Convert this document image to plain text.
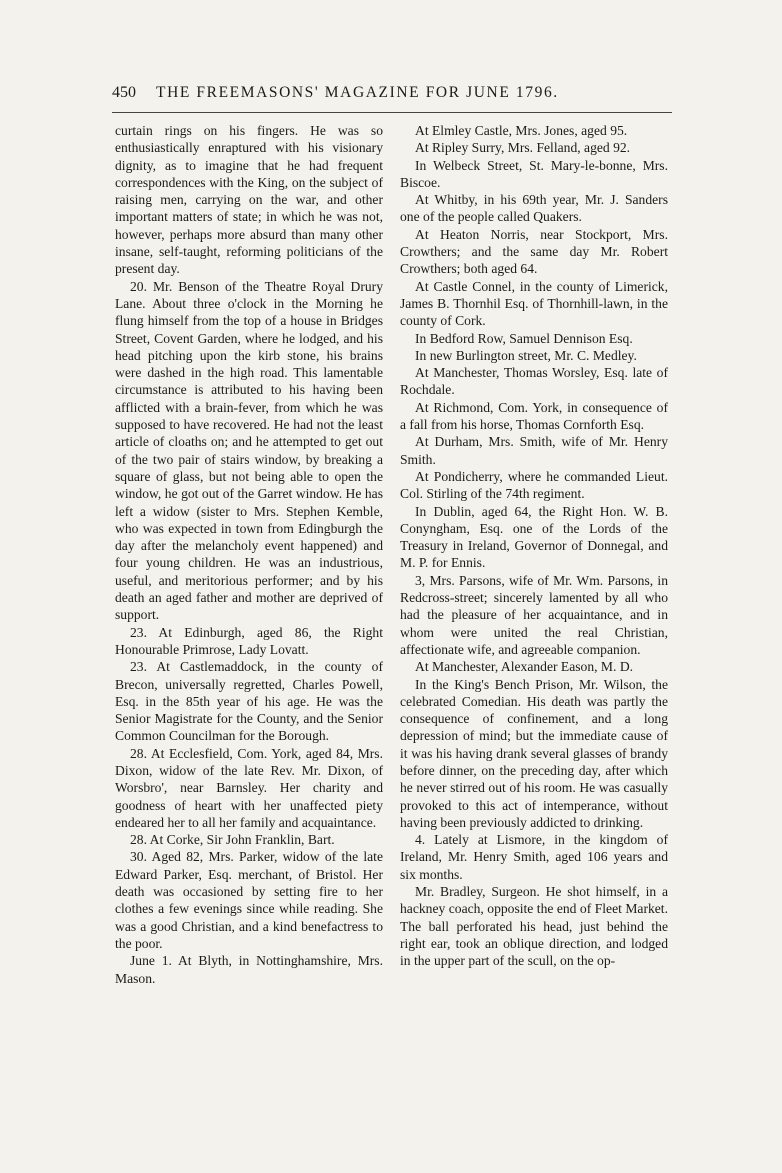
450	THE FREEMASONS' MAGAZINE FOR JUNE 1796.

curtain rings on his fingers. He was so enthusiastically enraptured with his visionary dignity, as to imagine that he had frequent correspondences with the King, on the subject of raising men, carrying on the war, and other important matters of state; in which he was not, however, perhaps more absurd than many other insane, self-taught, reforming politicians of the present day.

20. Mr. Benson of the Theatre Royal Drury Lane. About three o'clock in the Morning he flung himself from the top of a house in Bridges Street, Covent Garden, where he lodged, and his head pitching upon the kirb stone, his brains were dashed in the high road. This lamentable circumstance is attributed to his having been afflicted with a brain-fever, from which he was supposed to have recovered. He had not the least article of cloaths on; and he attempted to get out of the two pair of stairs window, by breaking a square of glass, but not being able to open the window, he got out of the Garret window. He has left a widow (sister to Mrs. Stephen Kemble, who was expected in town from Edingburgh the day after the melancholy event happened) and four young children. He was an industrious, useful, and meritorious performer; and by his death an aged father and mother are deprived of support.

23. At Edinburgh, aged 86, the Right Honourable Primrose, Lady Lovatt.

23. At Castlemaddock, in the county of Brecon, universally regretted, Charles Powell, Esq. in the 85th year of his age. He was the Senior Magistrate for the County, and the Senior Common Councilman for the Borough.

28. At Ecclesfield, Com. York, aged 84, Mrs. Dixon, widow of the late Rev. Mr. Dixon, of Worsbro', near Barnsley. Her charity and goodness of heart with her unaffected piety endeared her to all her family and acquaintance.

28. At Corke, Sir John Franklin, Bart.

30. Aged 82, Mrs. Parker, widow of the late Edward Parker, Esq. merchant, of Bristol. Her death was occasioned by setting fire to her clothes a few evenings since while reading. She was a good Christian, and a kind benefactress to the poor.

June 1. At Blyth, in Nottinghamshire, Mrs. Mason.

At Elmley Castle, Mrs. Jones, aged 95.

At Ripley Surry, Mrs. Felland, aged 92.

In Welbeck Street, St. Mary-le-bonne, Mrs. Biscoe.

At Whitby, in his 69th year, Mr. J. Sanders one of the people called Quakers.

At Heaton Norris, near Stockport, Mrs. Crowthers; and the same day Mr. Robert Crowthers; both aged 64.

At Castle Connel, in the county of Limerick, James B. Thornhil Esq. of Thornhill-lawn, in the county of Cork.

In Bedford Row, Samuel Dennison Esq.

In new Burlington street, Mr. C. Medley.

At Manchester, Thomas Worsley, Esq. late of Rochdale.

At Richmond, Com. York, in consequence of a fall from his horse, Thomas Cornforth Esq.

At Durham, Mrs. Smith, wife of Mr. Henry Smith.

At Pondicherry, where he commanded Lieut. Col. Stirling of the 74th regiment.

In Dublin, aged 64, the Right Hon. W. B. Conyngham, Esq. one of the Lords of the Treasury in Ireland, Governor of Donnegal, and M. P. for Ennis.

3, Mrs. Parsons, wife of Mr. Wm. Parsons, in Redcross-street; sincerely lamented by all who had the pleasure of her acquaintance, and in whom were united the real Christian, affectionate wife, and agreeable companion.

At Manchester, Alexander Eason, M. D.

In the King's Bench Prison, Mr. Wilson, the celebrated Comedian. His death was partly the consequence of confinement, and a long depression of mind; but the immediate cause of it was his having drank several glasses of brandy before dinner, on the preceding day, after which he never stirred out of his room. He was casually provoked to this act of intemperance, without having been previously addicted to drinking.

4. Lately at Lismore, in the kingdom of Ireland, Mr. Henry Smith, aged 106 years and six months.

Mr. Bradley, Surgeon. He shot himself, in a hackney coach, opposite the end of Fleet Market. The ball perforated his head, just behind the right ear, took an oblique direction, and lodged in the upper part of the scull, on the op-
